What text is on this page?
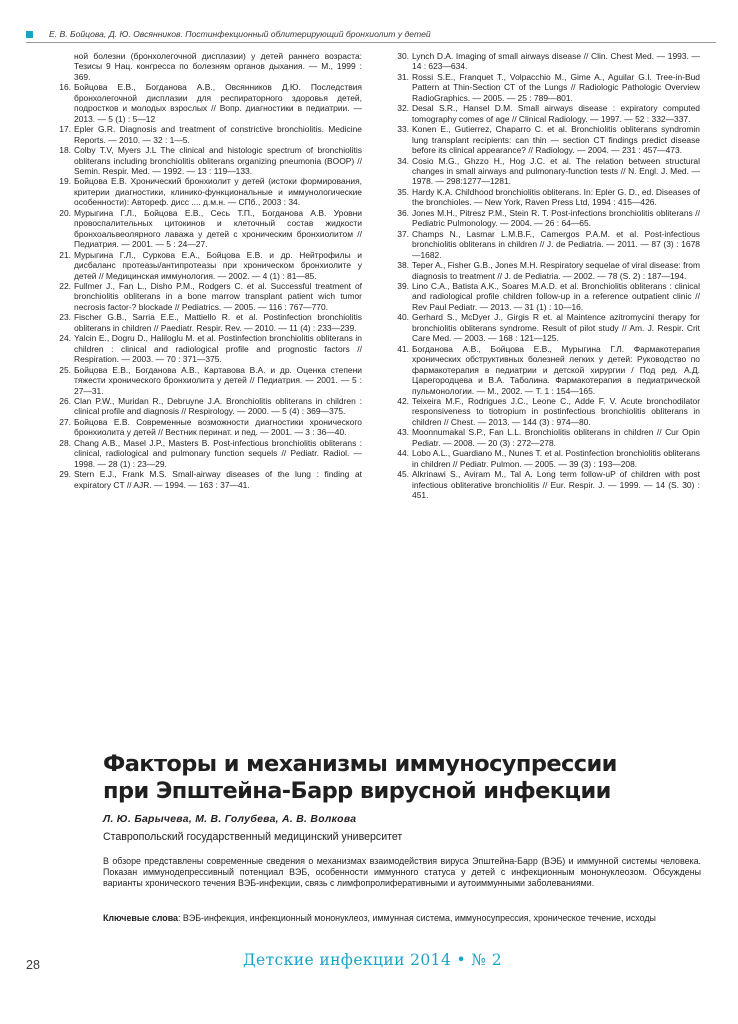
Е. В. Бойцова, Д. Ю. Овсянников. Постинфекционный облитерирующий бронхиолит у детей
ной болезни (бронхолегочной дисплазии) у детей раннего возраста: Тезисы 9 Нац. конгресса по болезням органов дыхания. — М., 1999 : 369.
16. Бойцова Е.В., Богданова А.В., Овсянников Д.Ю. Последствия бронхолегочной дисплазии для респираторного здоровья детей, подростков и молодых взрослых // Вопр. диагностики в педиатрии. — 2013. — 5 (1) : 5—12
17. Epler G.R. Diagnosis and treatment of constrictive bronchiolitis. Medicine Reports. — 2010. — 32 : 1—5.
18. Colby T.V, Myers J.L The clinical and histologic spectrum of bronchiolitis obliterans including bronchiolitis obliterans organizing pneumonia (BOOP) // Semin. Respir. Med. — 1992. — 13 : 119—133.
19. Бойцова Е.В. Хронический бронхиолит у детей (истоки формирования, критерии диагностики, клинико-функциональные и иммунологические особенности): Автореф. дисс .... д.м.н. — СПб., 2003 : 34.
20. Мурыгина Г.Л., Бойцова Е.В., Сесь Т.П., Богданова А.В. Уровни провоспалительных цитокинов и клеточный состав жидкости бронхоальвеолярного лаважа у детей с хроническим бронхиолитом // Педиатрия. — 2001. — 5 : 24—27.
21. Мурыгина Г.Л., Суркова Е.А., Бойцова Е.В. и др. Нейтрофилы и дисбаланс протеазы/антипротеазы при хроническом бронхиолите у детей // Медицинская иммунология. — 2002. — 4 (1) : 81—85.
22. Fullmer J., Fan L., Disho P.M., Rodgers C. et al. Successful treatment of bronchiolitis obliterans in a bone marrow transplant patient wich tumor necrosis factor-? blockade // Pediatrics. — 2005. — 116 : 767—770.
23. Fischer G.B., Sarria E.E., Mattiello R. et al. Postinfection bronchiolitis obliterans in children // Paediatr. Respir. Rev. — 2010. — 11 (4) : 233—239.
24. Yalcin E., Dogru D., Haliloglu M. et al. Postinfection bronchiolitis obliterans in children : clinical and radiological profile and prognostic factors // Respiration. — 2003. — 70 : 371—375.
25. Бойцова Е.В., Богданова А.В., Картавова В.А. и др. Оценка степени тяжести хронического бронхиолита у детей // Педиатрия. — 2001. — 5 : 27—31.
26. Clan P.W., Muridan R., Debruyne J.A. Bronchiolitis obliterans in children : clinical profile and diagnosis // Respirology. — 2000. — 5 (4) : 369—375.
27. Бойцова Е.В. Современные возможности диагностики хронического бронхиолита у детей // Вестник перинат. и пед. — 2001. — 3 : 36—40.
28. Chang A.B., Masel J.P., Masters B. Post-infectious bronchiolitis obliterans : clinical, radiological and pulmonary function sequels // Pediatr. Radiol. — 1998. — 28 (1) : 23—29.
29. Stern E.J., Frank M.S. Small-airway diseases of the lung : finding at expiratory CT // AJR. — 1994. — 163 : 37—41.
30. Lynch D.A. Imaging of small airways disease // Clin. Chest Med. — 1993. — 14 : 623—634.
31. Rossi S.E., Franquet T., Volpacchio M., Gime A., Aguilar G.I. Tree-in-Bud Pattern at Thin-Section CT of the Lungs // Radiologic Pathologic Overview RadioGraphics. — 2005. — 25 : 789—801.
32. Desal S.R., Hansel D.M. Small airways disease : expiratory computed tomography comes of age // Clinical Radiology. — 1997. — 52 : 332—337.
33. Konen E., Gutierrez, Chaparro C. et al. Bronchiolitis obliterans syndromin lung transplant recipients: can thin — section CT findings predict disease before its clinical appearance? // Radiology. — 2004. — 231 : 457—473.
34. Cosio M.G., Ghzzo H., Hog J.C. et al. The relation between structural changes in small airways and pulmonary-function tests // N. Engl. J. Med. — 1978. — 298:1277—1281.
35. Hardy K.A. Childhood bronchiolitis obliterans. In: Epler G. D., ed. Diseases of the bronchioles. — New York, Raven Press Ltd, 1994 : 415—426.
36. Jones M.H., Pitresz P.M., Stein R. T. Post-infections bronchiolitis obliterans // Pediatric Pulmonology. — 2004. — 26 : 64—65.
37. Champs N., Lasmar L.M.B.F., Camergos P.A.M. et al. Post-infectious bronchiolitis obliterans in children // J. de Pediatria. — 2011. — 87 (3) : 1678—1682.
38. Teper A., Fisher G.B., Jones M.H. Respiratory sequelae of viral disease: from diagnosis to treatment // J. de Pediatria. — 2002. — 78 (S. 2) : 187—194.
39. Lino C.A., Batista A.K., Soares M.A.D. et al. Bronchiolitis obliterans : clinical and radiological profile children follow-up in a reference outpatient clinic // Rev Paul Pediatr. — 2013. — 31 (1) : 10—16.
40. Gerhard S., McDyer J., Girgis R et. al Maintence azitromycini therapy for bronchiolitis obliterans syndrome. Result of pilot study // Am. J. Respir. Crit Care Med. — 2003. — 168 : 121—125.
41. Богданова А.В., Бойцова Е.В., Мурыгина Г.Л. Фармакотерапия хронических обструктивных болезней легких у детей: Руководство по фармакотерапия в педиатрии и детской хирургии / Под ред. А.Д. Царегородцева и В.А. Таболина. Фармакотерапия в педиатрической пульмонологии. — М., 2002. — Т. 1 : 154—165.
42. Teixeira M.F., Rodrigues J.C., Leone C., Adde F. V. Acute bronchodilator responsiveness to tiotropium in postinfectious bronchiolitis obliterans in children // Chest. — 2013. — 144 (3) : 974—80.
43. Moonnumakal S.P., Fan L.L. Bronchiolitis obliterans in children // Cur Opin Pediatr. — 2008. — 20 (3) : 272—278.
44. Lobo A.L., Guardiano M., Nunes T. et al. Postinfection bronchiolitis obliterans in children // Pediatr. Pulmon. — 2005. — 39 (3) : 193—208.
45. Alkrinawi S., Aviram M., Tal A. Long term follow-uP of children with post infectious obliterative bronchiolitis // Eur. Respir. J. — 1999. — 14 (S. 30) : 451.
Факторы и механизмы иммуносупрессии
при Эпштейна-Барр вирусной инфекции
Л. Ю. Барычева, М. В. Голубева, А. В. Волкова
Ставропольский государственный медицинский университет

В обзоре представлены современные сведения о механизмах взаимодействия вируса Эпштейна-Барр (ВЭБ) и иммунной системы человека. Показан иммунодепрессивный потенциал ВЭБ, особенности иммунного статуса у детей с инфекционным мононуклеозом. Обсуждены варианты хронического течения ВЭБ-инфекции, связь с лимфопролиферативными и аутоиммунными заболеваниями.

Ключевые слова: ВЭБ-инфекция, инфекционный мононуклеоз, иммунная система, иммуносупрессия, хроническое течение, исходы

28	Детские инфекции 2014 • № 2
